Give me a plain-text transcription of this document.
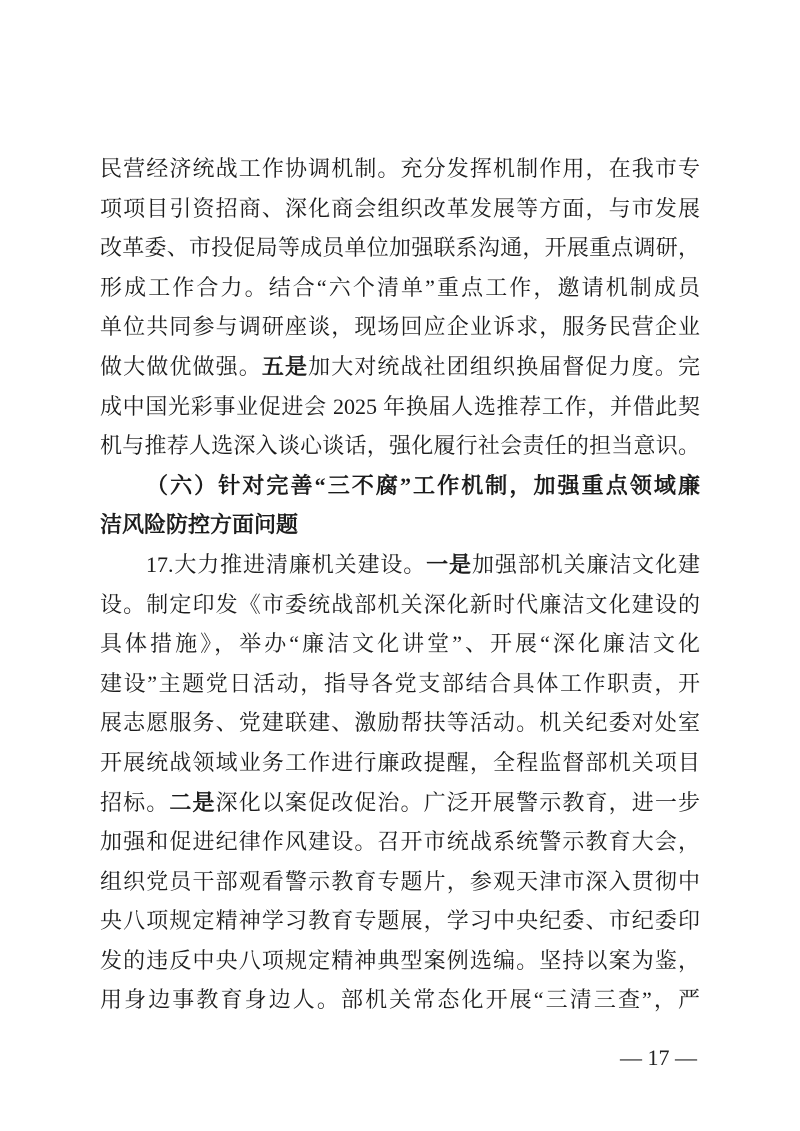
民营经济统战工作协调机制。充分发挥机制作用，在我市专
项项目引资招商、深化商会组织改革发展等方面，与市发展
改革委、市投促局等成员单位加强联系沟通，开展重点调研，
形成工作合力。结合“六个清单”重点工作，邀请机制成员
单位共同参与调研座谈，现场回应企业诉求，服务民营企业
做大做优做强。五是加大对统战社团组织换届督促力度。完
成中国光彩事业促进会 2025 年换届人选推荐工作，并借此契
机与推荐人选深入谈心谈话，强化履行社会责任的担当意识。
（六）针对完善“三不腐”工作机制，加强重点领域廉
洁风险防控方面问题
17.大力推进清廉机关建设。一是加强部机关廉洁文化建
设。制定印发《市委统战部机关深化新时代廉洁文化建设的
具体措施》，举办“廉洁文化讲堂”、开展“深化廉洁文化
建设”主题党日活动，指导各党支部结合具体工作职责，开
展志愿服务、党建联建、激励帮扶等活动。机关纪委对处室
开展统战领域业务工作进行廉政提醒，全程监督部机关项目
招标。二是深化以案促改促治。广泛开展警示教育，进一步
加强和促进纪律作风建设。召开市统战系统警示教育大会，
组织党员干部观看警示教育专题片，参观天津市深入贯彻中
央八项规定精神学习教育专题展，学习中央纪委、市纪委印
发的违反中央八项规定精神典型案例选编。坚持以案为鉴，
用身边事教育身边人。部机关常态化开展“三清三查”，严
— 17 —
